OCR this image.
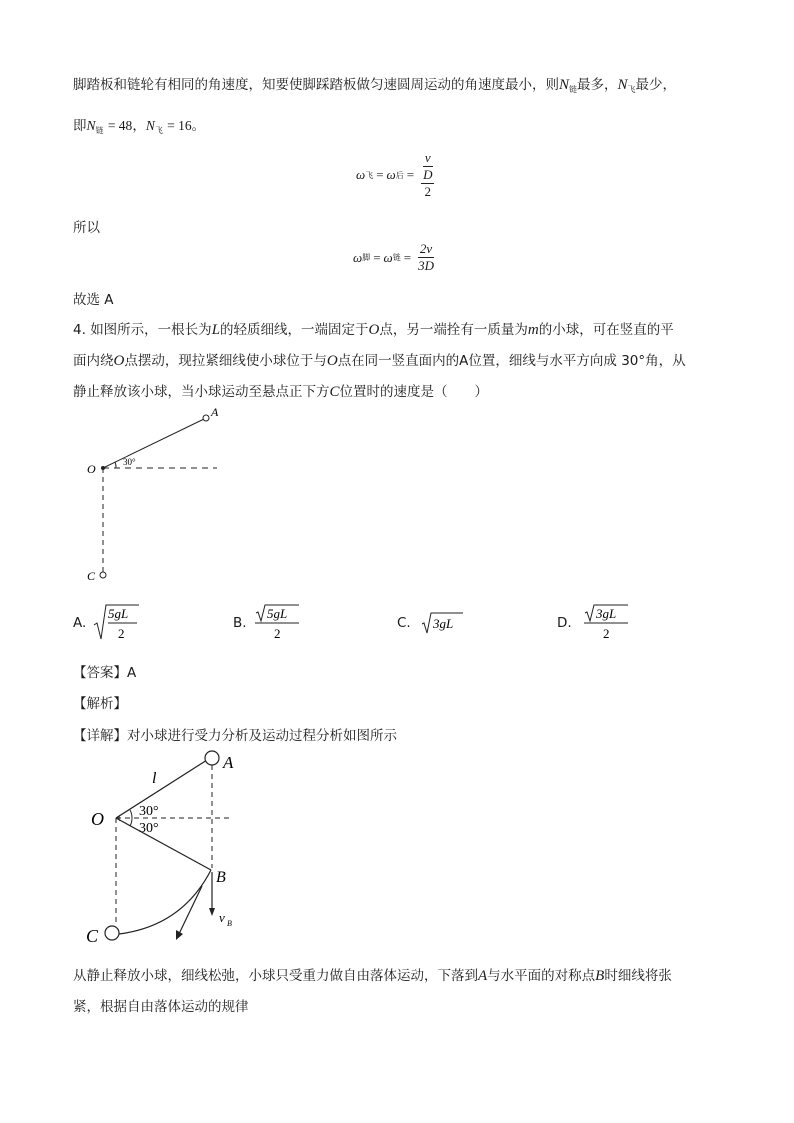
脚踏板和链轮有相同的角速度，知要使脚踩踏板做匀速圆周运动的角速度最小，则$N_链$最多，$N_飞$最少，
即$N_链 = 48$，$N_飞 = 16$。
ω 飞 = ω 后 = $\frac{v}{\frac{D}{2}}$
所以
ω 脚 = ω 链 = $\frac{2v}{3D}$
故选 A
4. 如图所示，一根长为L的轻质细线，一端固定于O点，另一端拴有一质量为m的小球，可在竖直的平
面内绕O点摆动，现拉紧细线使小球位于与O点在同一竖直面内的A位置，细线与水平方向成 30°角，从
静止释放该小球，当小球运动至悬点正下方C位置时的速度是（　　）
A
O
C
30°
A.
5gL
2
B.
5gL
2
C. 3gL	D.
3gL
2
【答案】A
【解析】
【详解】对小球进行受力分析及运动过程分析如图所示
l
A
O
B
C
30°
30°
v B
从静止释放小球，细线松弛，小球只受重力做自由落体运动，下落到A与水平面的对称点B时细线将张
紧，根据自由落体运动的规律
